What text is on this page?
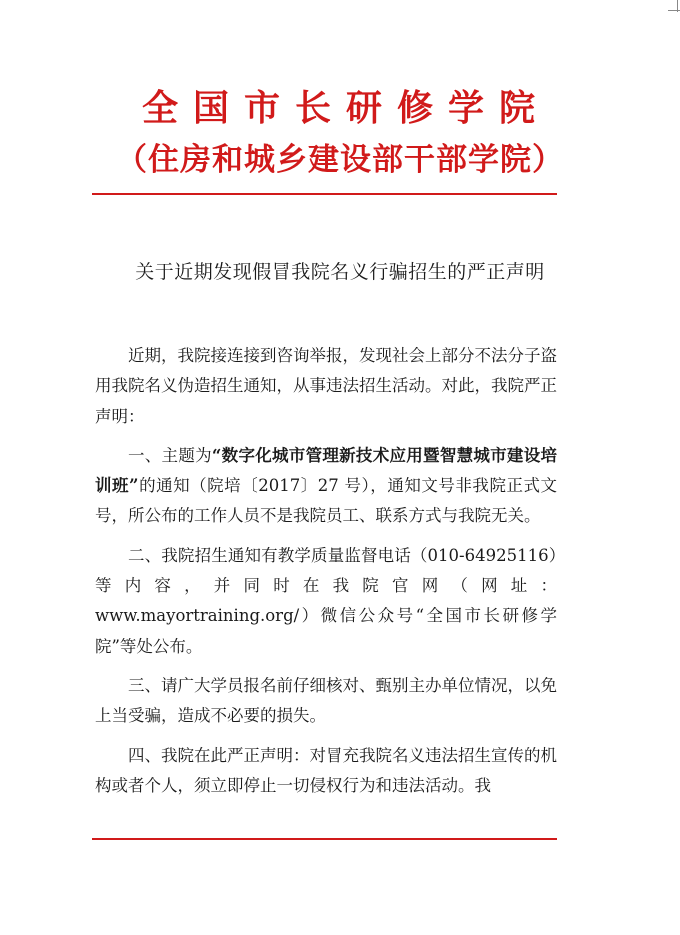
全国市长研修学院
（住房和城乡建设部干部学院）
关于近期发现假冒我院名义行骗招生的严正声明

近期，我院接连接到咨询举报，发现社会上部分不法分子盗用我院名义伪造招生通知，从事违法招生活动。对此，我院严正声明：

一、主题为“数字化城市管理新技术应用暨智慧城市建设培训班”的通知（院培〔2017〕27 号），通知文号非我院正式文号，所公布的工作人员不是我院员工、联系方式与我院无关。

二、我院招生通知有教学质量监督电话（010-64925116）等内容，并同时在我院官网（网址：www.mayortraining.org/）微信公众号“全国市长研修学院”等处公布。

三、请广大学员报名前仔细核对、甄别主办单位情况，以免上当受骗，造成不必要的损失。

四、我院在此严正声明：对冒充我院名义违法招生宣传的机构或者个人，须立即停止一切侵权行为和违法活动。我
